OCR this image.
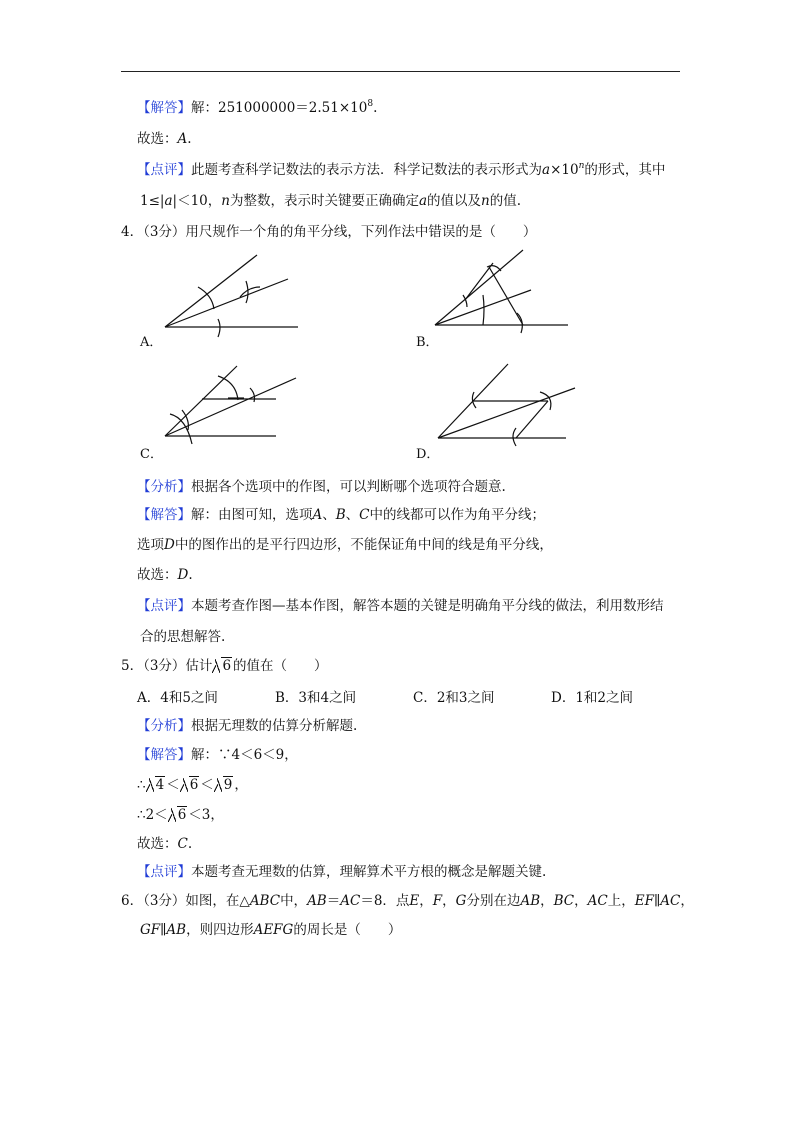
【解答】解：$251000000=2.51\times 10^8$.
故选：A.
【点评】此题考查科学记数法的表示方法．科学记数法的表示形式为$a\times 10^n$的形式，其中
1≤|a|＜10，n为整数，表示时关键要正确确定a的值以及n的值.
4．（3分）用尺规作一个角的角平分线，下列作法中错误的是（　　）
A．	B．
C．	D．
【分析】根据各个选项中的作图，可以判断哪个选项符合题意.
【解答】解：由图可知，选项A、B、C中的线都可以作为角平分线；
选项D中的图作出的是平行四边形，不能保证角中间的线是角平分线，
故选：D.
【点评】本题考查作图—基本作图，解答本题的关键是明确角平分线的做法，利用数形结
合的思想解答.
5．（3分）估计 6 的值在（　　）
A．4和5之间	B．3和4之间	C．2和3之间	D．1和2之间
【分析】根据无理数的估算分析解题.
【解答】解：∵4＜6＜9，
∴ 4 ＜ 6 ＜ 9 ，
∴2＜ 6 ＜3，
故选：C.
【点评】本题考查无理数的估算，理解算术平方根的概念是解题关键.
6．（3分）如图，在△ABC中，AB＝AC＝8．点E，F，G分别在边AB，BC，AC上，EF∥AC，
GF∥AB，则四边形AEFG的周长是（　　）
